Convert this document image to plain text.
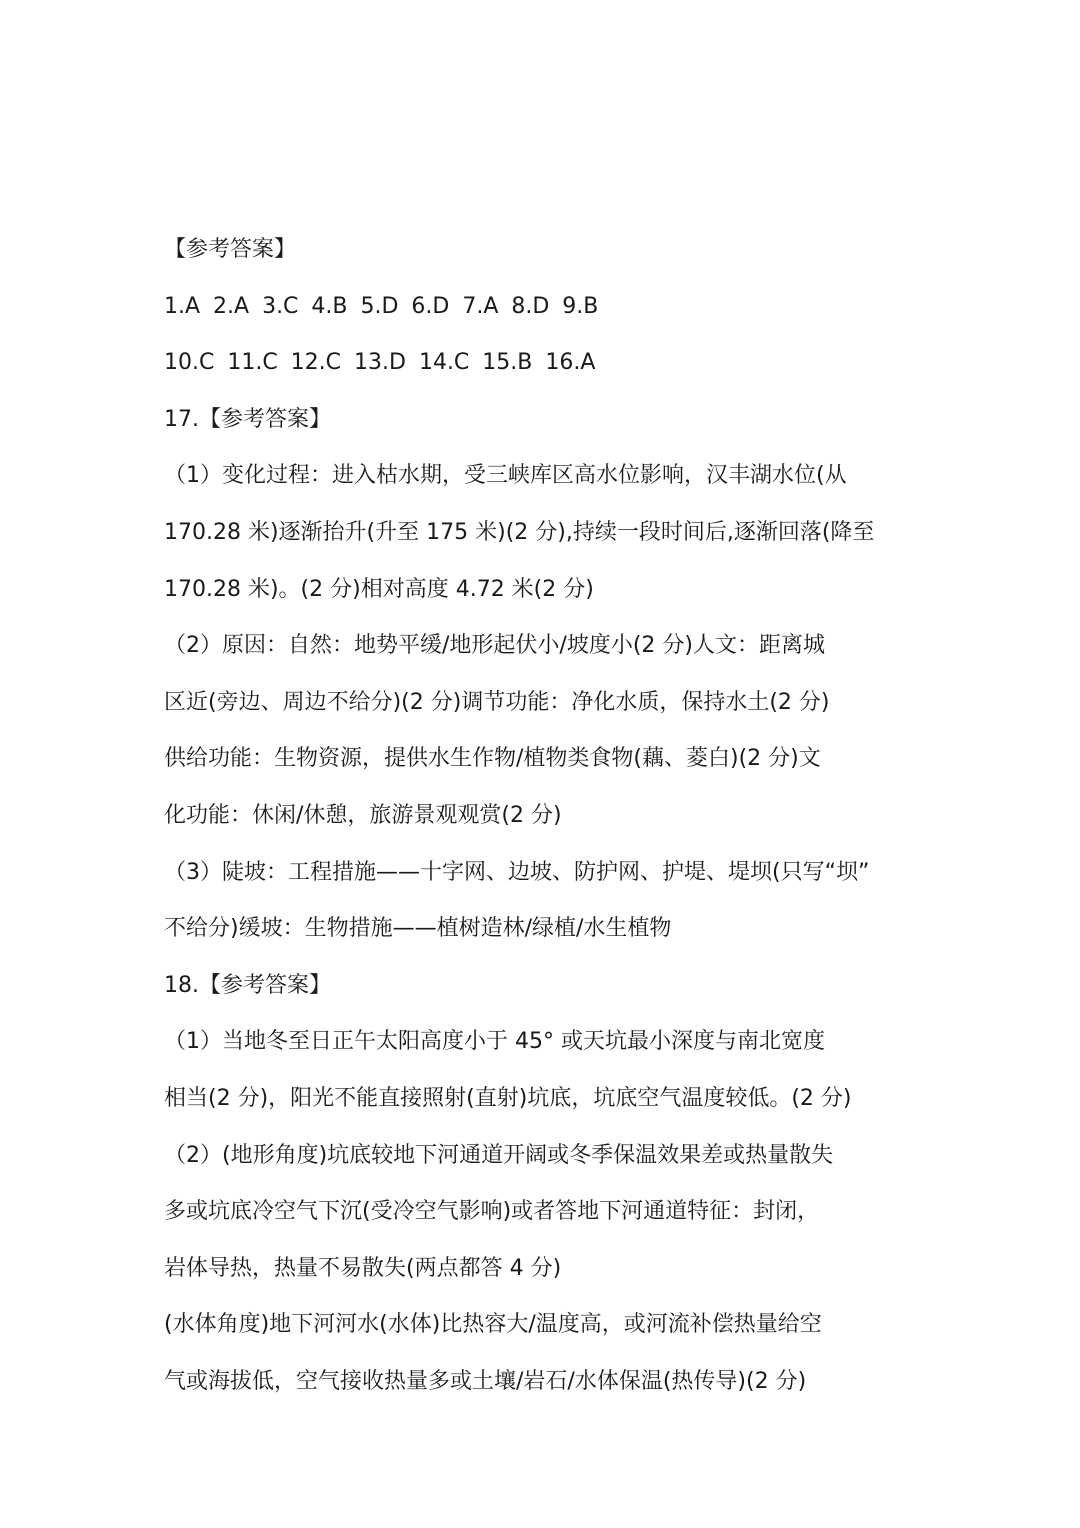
【参考答案】
1.A 2.A 3.C 4.B 5.D 6.D 7.A 8.D 9.B
10.C 11.C 12.C 13.D 14.C 15.B 16.A
17.【参考答案】
（1）变化过程：进入枯水期，受三峡库区高水位影响，汉丰湖水位(从
170.28 米)逐渐抬升(升至 175 米)(2 分),持续一段时间后,逐渐回落(降至
170.28 米)。(2 分)相对高度 4.72 米(2 分)
（2）原因：自然：地势平缓/地形起伏小/坡度小(2 分)人文：距离城
区近(旁边、周边不给分)(2 分)调节功能：净化水质，保持水土(2 分)
供给功能：生物资源，提供水生作物/植物类食物(藕、菱白)(2 分)文
化功能：休闲/休憩，旅游景观观赏(2 分)
（3）陡坡：工程措施——十字网、边坡、防护网、护堤、堤坝(只写“坝”
不给分)缓坡：生物措施——植树造林/绿植/水生植物
18.【参考答案】
（1）当地冬至日正午太阳高度小于 45° 或天坑最小深度与南北宽度
相当(2 分)，阳光不能直接照射(直射)坑底，坑底空气温度较低。(2 分)
（2）(地形角度)坑底较地下河通道开阔或冬季保温效果差或热量散失
多或坑底冷空气下沉(受冷空气影响)或者答地下河通道特征：封闭，
岩体导热，热量不易散失(两点都答 4 分)
(水体角度)地下河河水(水体)比热容大/温度高，或河流补偿热量给空
气或海拔低，空气接收热量多或土壤/岩石/水体保温(热传导)(2 分)
